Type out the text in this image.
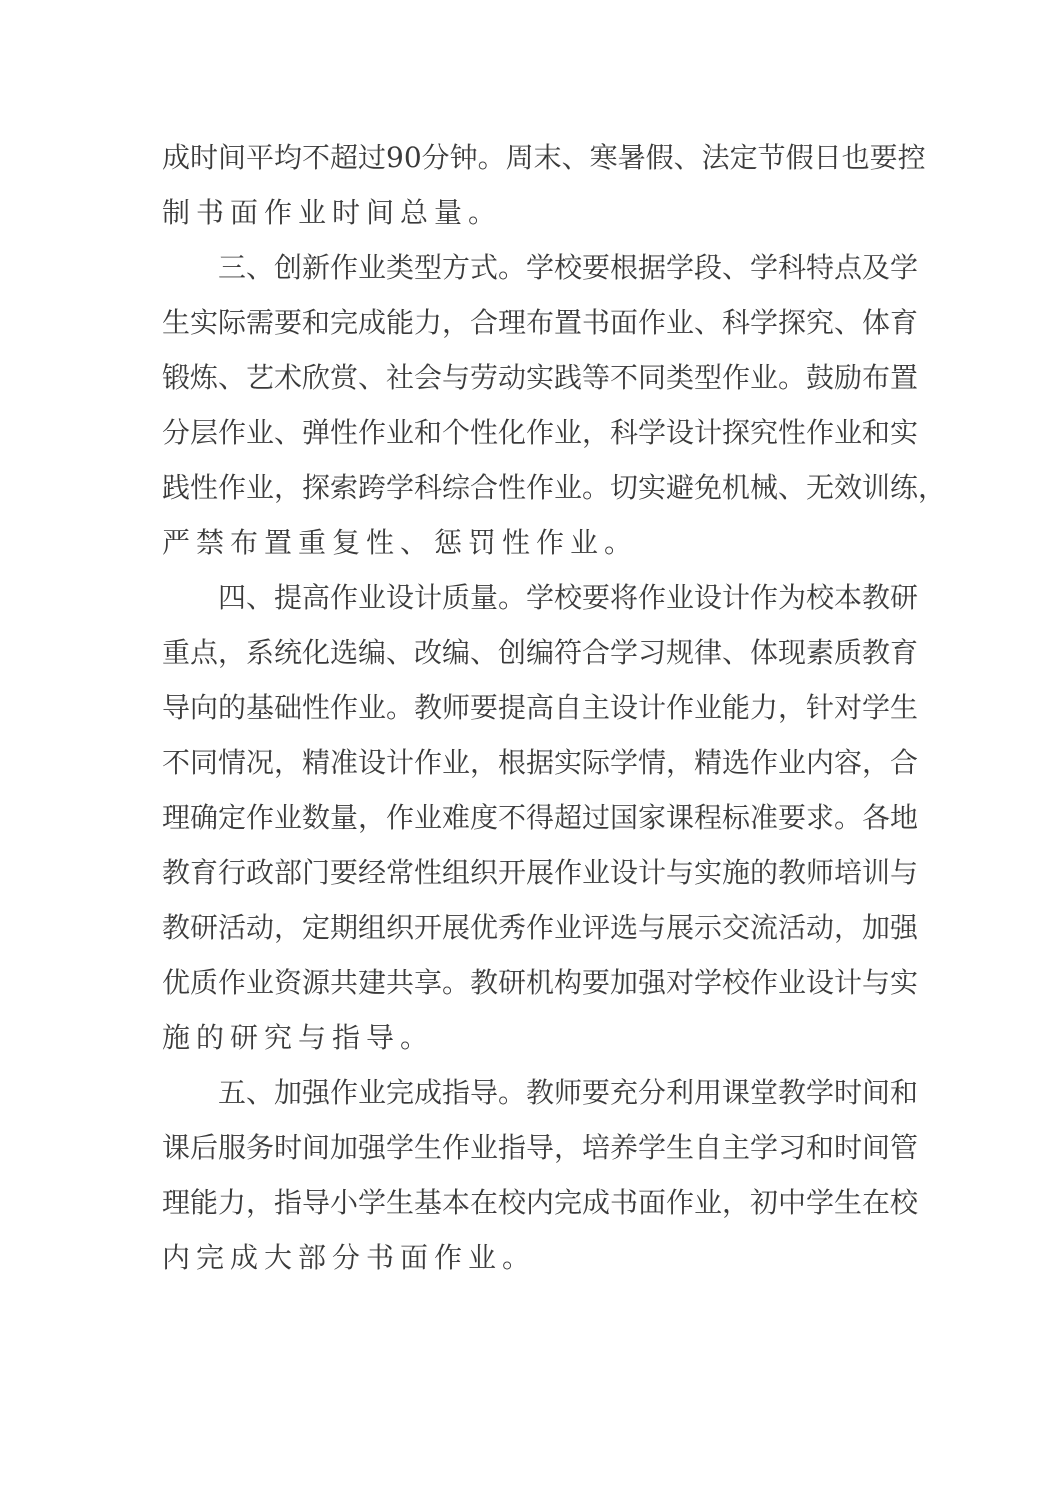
成时间平均不超过90分钟。周末、寒暑假、法定节假日也要控
制书面作业时间总量。
三、创新作业类型方式。学校要根据学段、学科特点及学
生实际需要和完成能力，合理布置书面作业、科学探究、体育
锻炼、艺术欣赏、社会与劳动实践等不同类型作业。鼓励布置
分层作业、弹性作业和个性化作业，科学设计探究性作业和实
践性作业，探索跨学科综合性作业。切实避免机械、无效训练，
严禁布置重复性、惩罚性作业。
四、提高作业设计质量。学校要将作业设计作为校本教研
重点，系统化选编、改编、创编符合学习规律、体现素质教育
导向的基础性作业。教师要提高自主设计作业能力，针对学生
不同情况，精准设计作业，根据实际学情，精选作业内容，合
理确定作业数量，作业难度不得超过国家课程标准要求。各地
教育行政部门要经常性组织开展作业设计与实施的教师培训与
教研活动，定期组织开展优秀作业评选与展示交流活动，加强
优质作业资源共建共享。教研机构要加强对学校作业设计与实
施的研究与指导。
五、加强作业完成指导。教师要充分利用课堂教学时间和
课后服务时间加强学生作业指导，培养学生自主学习和时间管
理能力，指导小学生基本在校内完成书面作业，初中学生在校
内完成大部分书面作业。
